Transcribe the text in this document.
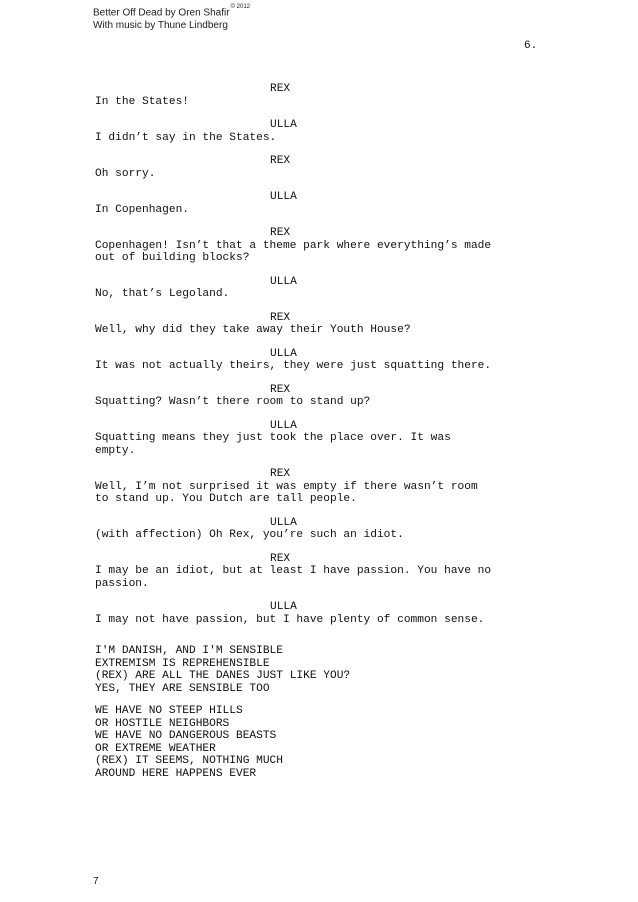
Better Off Dead by Oren Shafir$^{© 2012}$
With music by Thune Lindberg
6.
REX
In the States!
ULLA
I didn’t say in the States.
REX
Oh sorry.
ULLA
In Copenhagen.
REX
Copenhagen! Isn’t that a theme park where everything’s made
out of building blocks?
ULLA
No, that’s Legoland.
REX
Well, why did they take away their Youth House?
ULLA
It was not actually theirs, they were just squatting there.
REX
Squatting? Wasn’t there room to stand up?
ULLA
Squatting means they just took the place over. It was
empty.
REX
Well, I’m not surprised it was empty if there wasn’t room
to stand up. You Dutch are tall people.
ULLA
(with affection) Oh Rex, you’re such an idiot.
REX
I may be an idiot, but at least I have passion. You have no
passion.
ULLA
I may not have passion, but I have plenty of common sense.
I'M DANISH, AND I'M SENSIBLE
EXTREMISM IS REPREHENSIBLE
(REX) ARE ALL THE DANES JUST LIKE YOU?
YES, THEY ARE SENSIBLE TOO
WE HAVE NO STEEP HILLS
OR HOSTILE NEIGHBORS
WE HAVE NO DANGEROUS BEASTS
OR EXTREME WEATHER
(REX) IT SEEMS, NOTHING MUCH
AROUND HERE HAPPENS EVER
7
